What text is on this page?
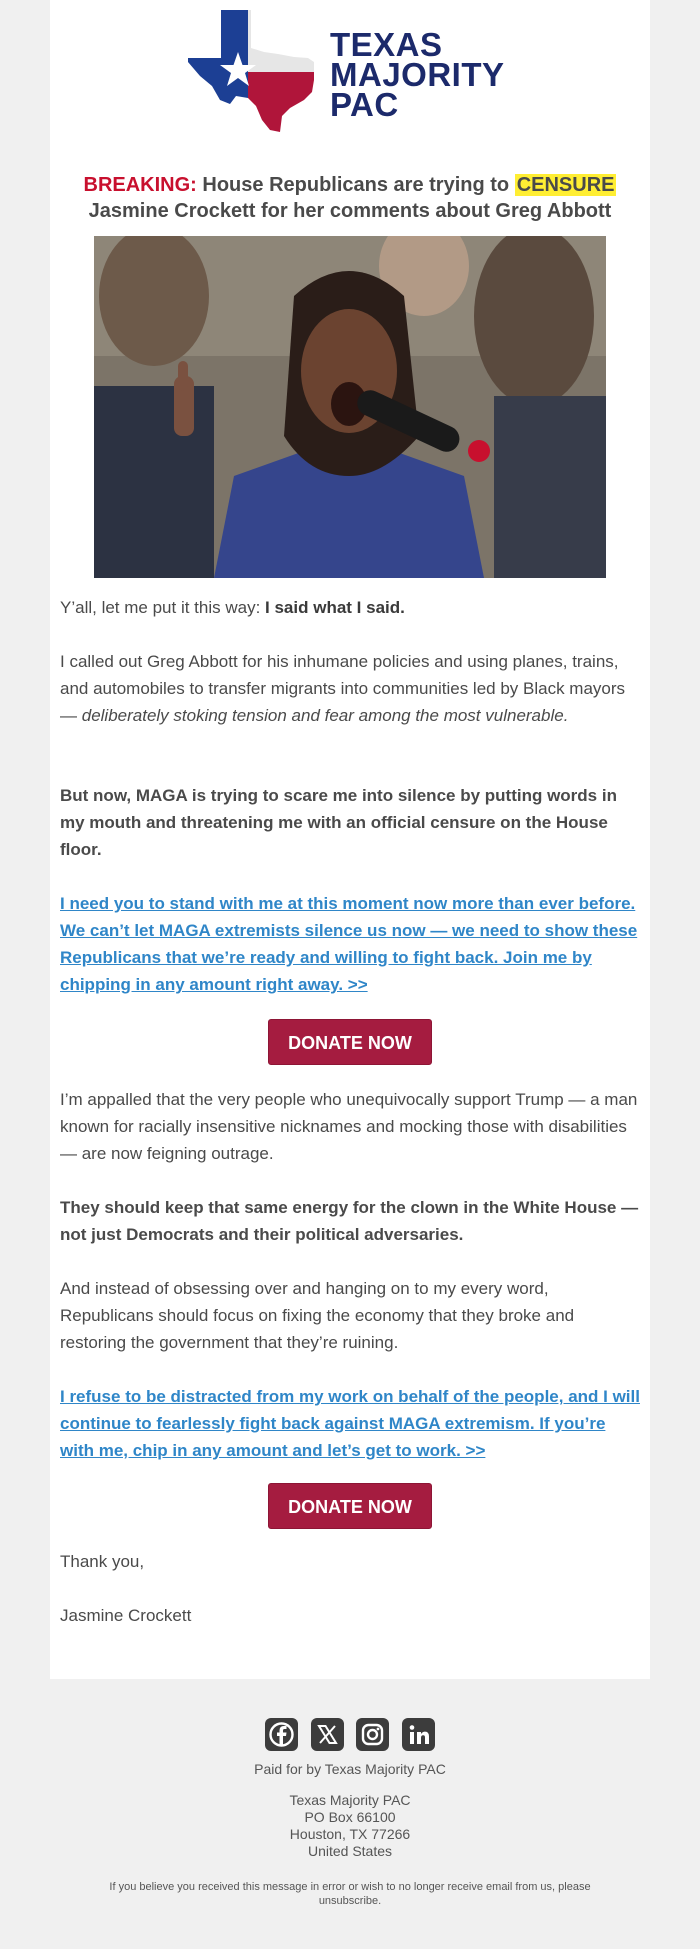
TEXAS
MAJORITY
PAC
BREAKING: House Republicans are trying to CENSURE
Jasmine Crockett for her comments about Greg Abbott
Y’all, let me put it this way: I said what I said.
I called out Greg Abbott for his inhumane policies and using planes, trains, and automobiles to transfer migrants into communities led by Black mayors — deliberately stoking tension and fear among the most vulnerable.
But now, MAGA is trying to scare me into silence by putting words in my mouth and threatening me with an official censure on the House floor.
I need you to stand with me at this moment now more than ever before. We can’t let MAGA extremists silence us now — we need to show these Republicans that we’re ready and willing to fight back. Join me by chipping in any amount right away. >>
DONATE NOW
I’m appalled that the very people who unequivocally support Trump — a man known for racially insensitive nicknames and mocking those with disabilities — are now feigning outrage.
They should keep that same energy for the clown in the White House — not just Democrats and their political adversaries.
And instead of obsessing over and hanging on to my every word, Republicans should focus on fixing the economy that they broke and restoring the government that they’re ruining.
I refuse to be distracted from my work on behalf of the people, and I will continue to fearlessly fight back against MAGA extremism. If you’re with me, chip in any amount and let’s get to work. >>
DONATE NOW
Thank you,
Jasmine Crockett
Paid for by Texas Majority PAC
Texas Majority PAC
PO Box 66100
Houston, TX 77266
United States
If you believe you received this message in error or wish to no longer receive email from us, please unsubscribe.
